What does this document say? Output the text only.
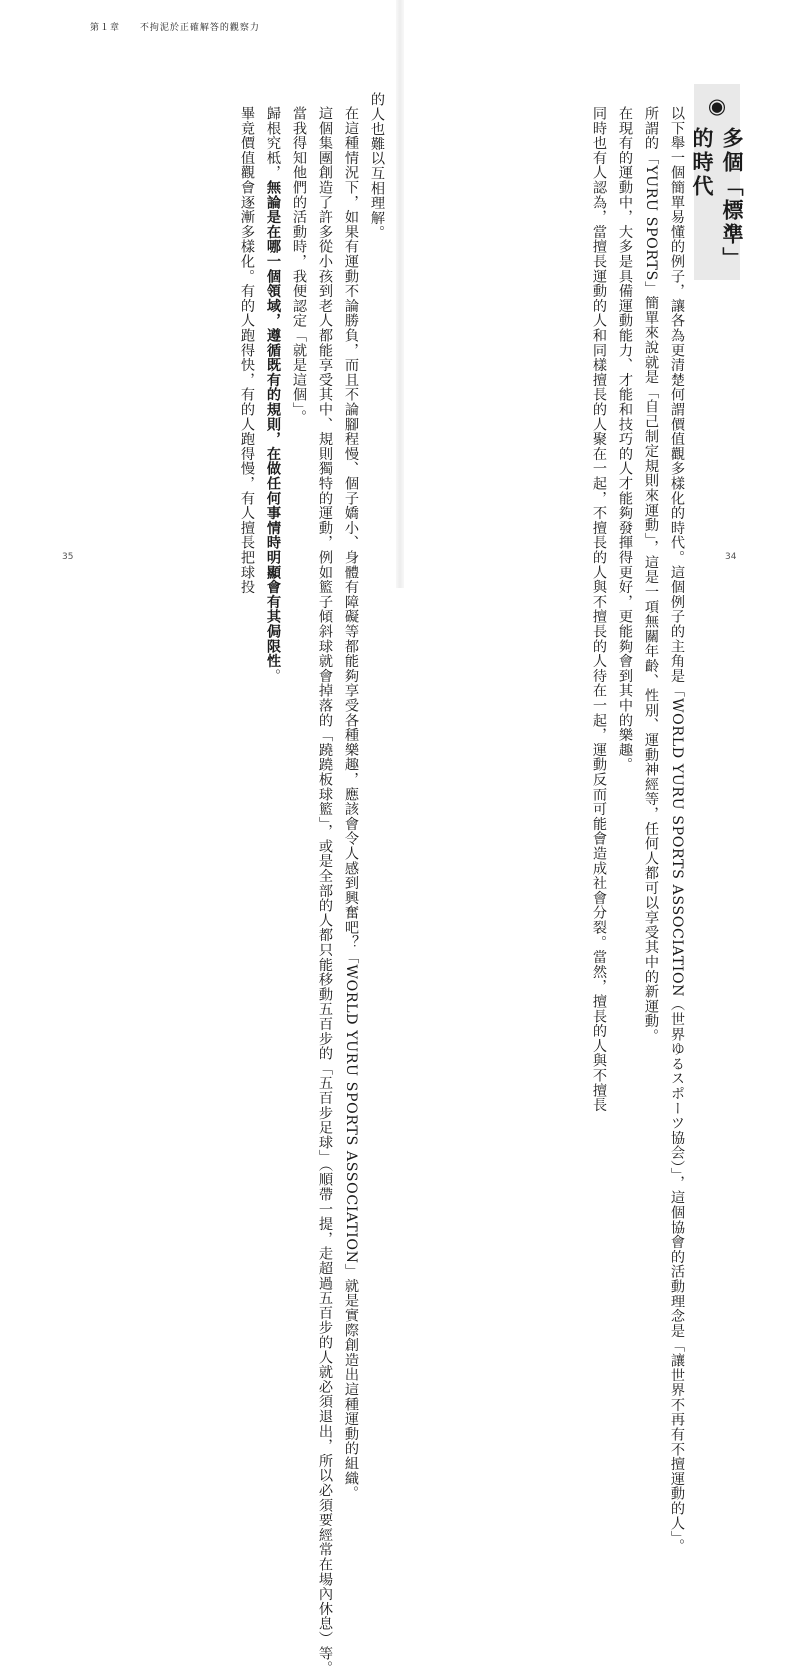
第１章 不拘泥於正確解答的觀察力
◉
多個「標準」的時代

以下舉一個簡單易懂的例子，讓各為更清楚何謂價值觀多樣化的時代。這個例子的主角是「WORLD YURU SPORTS ASSOCIATION（世界ゆるスポーツ協会）」，這個協會的活動理念是「讓世界不再有不擅運動的人」。

所謂的「YURU SPORTS」簡單來說就是「自己制定規則來運動」，這是一項無關年齡、性別、運動神經等，任何人都可以享受其中的新運動。

在現有的運動中，大多是具備運動能力、才能和技巧的人才能夠發揮得更好，更能夠會到其中的樂趣。

同時也有人認為，當擅長運動的人和同樣擅長的人聚在一起，不擅長的人與不擅長的人待在一起，運動反而可能會造成社會分裂。當然，擅長的人與不擅長

的人也難以互相理解。

在這種情況下，如果有運動不論勝負，而且不論腳程慢、個子嬌小、身體有障礙等都能夠享受各種樂趣，應該會令人感到興奮吧？「WORLD YURU SPORTS ASSOCIATION」就是實際創造出這種運動的組織。

這個集團創造了許多從小孩到老人都能享受其中、規則獨特的運動，例如籃子傾斜球就會掉落的「蹺蹺板球籃」，或是全部的人都只能移動五百步的「五百步足球」（順帶一提，走超過五百步的人就必須退出，所以必須要經常在場內休息）等。

當我得知他們的活動時，我便認定「就是這個」。

歸根究柢，無論是在哪一個領域，遵循既有的規則，在做任何事情時明顯會有其侷限性。

畢竟價值觀會逐漸多樣化。有的人跑得快，有的人跑得慢，有人擅長把球投

35	34
